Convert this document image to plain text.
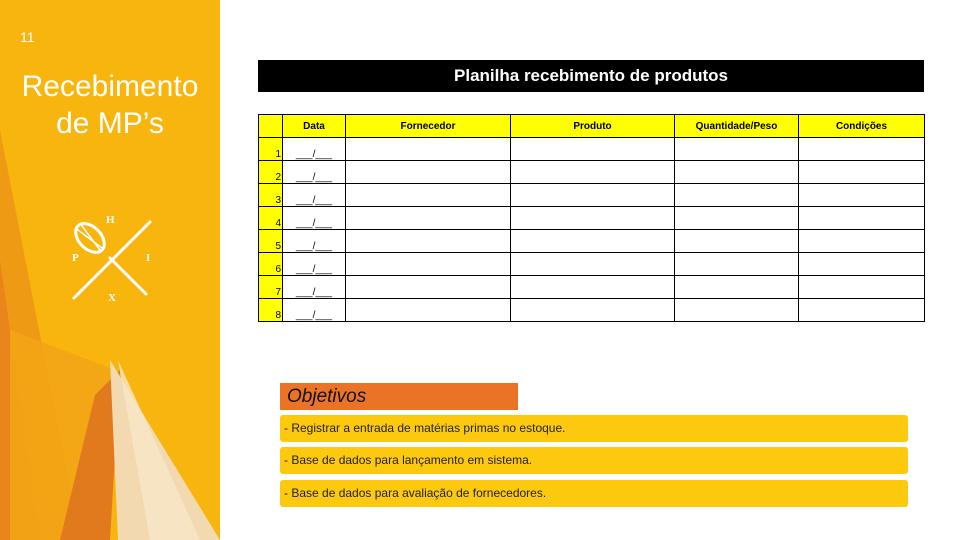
11
Recebimento
de MP’s
H
P	I
X
Planilha recebimento de produtos
	Data	Fornecedor	Produto	Quantidade/Peso	Condições
1	___/___				
2	___/___				
3	___/___				
4	___/___				
5	___/___				
6	___/___				
7	___/___				
8	___/___				
Objetivos
- Registrar a entrada de matérias primas no estoque.
- Base de dados para lançamento em sistema.
- Base de dados para avaliação de fornecedores.
